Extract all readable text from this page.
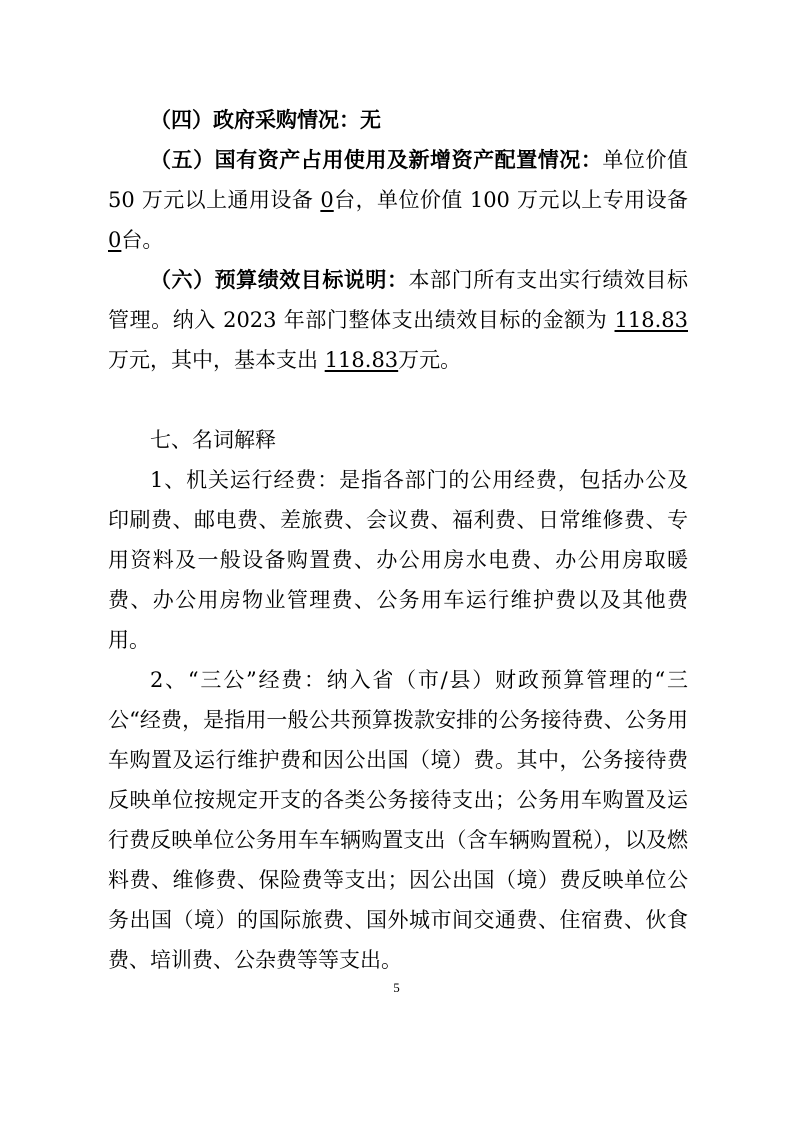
（四）政府采购情况：无

（五）国有资产占用使用及新增资产配置情况：单位价值 50 万元以上通用设备 0台，单位价值 100 万元以上专用设备 0台。

（六）预算绩效目标说明：本部门所有支出实行绩效目标管理。纳入 2023 年部门整体支出绩效目标的金额为 118.83万元，其中，基本支出 118.83万元。

七、名词解释

1、机关运行经费：是指各部门的公用经费，包括办公及印刷费、邮电费、差旅费、会议费、福利费、日常维修费、专用资料及一般设备购置费、办公用房水电费、办公用房取暖费、办公用房物业管理费、公务用车运行维护费以及其他费用。

2、“三公”经费：纳入省（市/县）财政预算管理的“三公“经费，是指用一般公共预算拨款安排的公务接待费、公务用车购置及运行维护费和因公出国（境）费。其中，公务接待费反映单位按规定开支的各类公务接待支出；公务用车购置及运行费反映单位公务用车车辆购置支出（含车辆购置税），以及燃料费、维修费、保险费等支出；因公出国（境）费反映单位公务出国（境）的国际旅费、国外城市间交通费、住宿费、伙食费、培训费、公杂费等等支出。

5
